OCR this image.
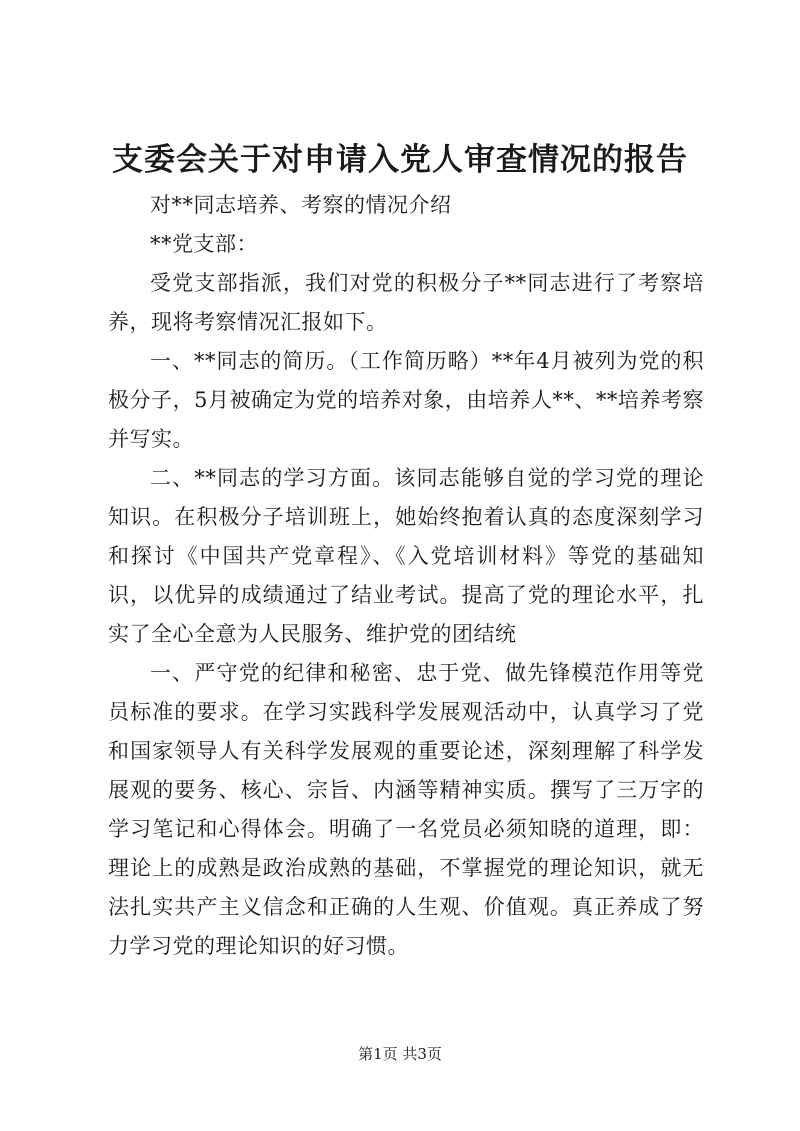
支委会关于对申请入党人审查情况的报告

对**同志培养、考察的情况介绍

**党支部：

受党支部指派，我们对党的积极分子**同志进行了考察培养，现将考察情况汇报如下。

一、**同志的简历。（工作简历略）**年4月被列为党的积极分子，5月被确定为党的培养对象，由培养人**、**培养考察并写实。

二、**同志的学习方面。该同志能够自觉的学习党的理论知识。在积极分子培训班上，她始终抱着认真的态度深刻学习和探讨《中国共产党章程》、《入党培训材料》等党的基础知识，以优异的成绩通过了结业考试。提高了党的理论水平，扎实了全心全意为人民服务、维护党的团结统

一、严守党的纪律和秘密、忠于党、做先锋模范作用等党员标准的要求。在学习实践科学发展观活动中，认真学习了党和国家领导人有关科学发展观的重要论述，深刻理解了科学发展观的要务、核心、宗旨、内涵等精神实质。撰写了三万字的学习笔记和心得体会。明确了一名党员必须知晓的道理，即：理论上的成熟是政治成熟的基础，不掌握党的理论知识，就无法扎实共产主义信念和正确的人生观、价值观。真正养成了努力学习党的理论知识的好习惯。

第1页 共3页
